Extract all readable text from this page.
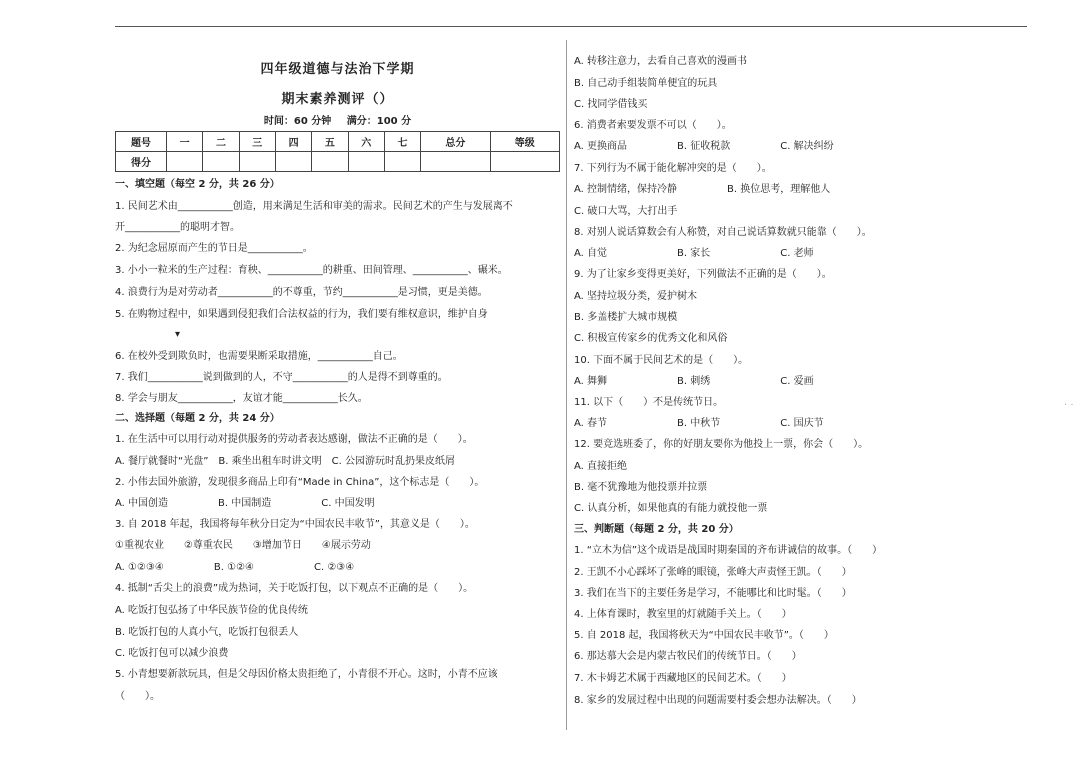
· ·
四年级道德与法治下学期
期末素养测评（）
时间：60 分钟 满分：100 分
题号	一	二	三	四	五	六	七	总分	等级
得分									
一、填空题（每空 2 分，共 26 分）
1. 民间艺术由___________创造，用来满足生活和审美的需求。民间艺术的产生与发展离不
开___________的聪明才智。
2. 为纪念屈原而产生的节日是___________。
3. 小小一粒米的生产过程：育秧、___________的耕重、田间管理、___________、碾米。
4. 浪费行为是对劳动者___________的不尊重，节约___________是习惯，更是美德。
5. 在购物过程中，如果遇到侵犯我们合法权益的行为，我们要有维权意识，维护自身
▾
6. 在校外受到欺负时，也需要果断采取措施，___________自己。
7. 我们___________说到做到的人，不守___________的人是得不到尊重的。
8. 学会与朋友___________，友谊才能___________长久。
二、选择题（每题 2 分，共 24 分）
1. 在生活中可以用行动对提供服务的劳动者表达感谢，做法不正确的是（　　）。
A. 餐厅就餐时“光盘”　B. 乘坐出租车时讲文明　C. 公园游玩时乱扔果皮纸屑
2. 小伟去国外旅游，发现很多商品上印有“Made in China”，这个标志是（　　）。
A. 中国创造　　　　　B. 中国制造　　　　　C. 中国发明
3. 自 2018 年起，我国将每年秋分日定为“中国农民丰收节”，其意义是（　　）。
①重视农业　　②尊重农民　　③增加节日　　④展示劳动
A. ①②③④　　　　　B. ①②④　　　　　　C. ②③④
4. 抵制“舌尖上的浪费”成为热词，关于吃饭打包，以下观点不正确的是（　　）。
A. 吃饭打包弘扬了中华民族节俭的优良传统
B. 吃饭打包的人真小气，吃饭打包很丢人
C. 吃饭打包可以减少浪费
5. 小青想要新款玩具，但是父母因价格太贵拒绝了，小青很不开心。这时，小青不应该
（　　）。
A. 转移注意力，去看自己喜欢的漫画书
B. 自己动手组装简单便宜的玩具
C. 找同学借钱买
6. 消费者索要发票不可以（　　）。
A. 更换商品　　　　　B. 征收税款　　　　　C. 解决纠纷
7. 下列行为不属于能化解冲突的是（　　）。
A. 控制情绪，保持冷静　　　　　B. 换位思考，理解他人
C. 破口大骂，大打出手
8. 对别人说话算数会有人称赞，对自己说话算数就只能靠（　　）。
A. 自觉　　　　　　　B. 家长　　　　　　　C. 老师
9. 为了让家乡变得更美好，下列做法不正确的是（　　）。
A. 坚持垃圾分类，爱护树木
B. 多盖楼扩大城市规模
C. 积极宣传家乡的优秀文化和风俗
10. 下面不属于民间艺术的是（　　）。
A. 舞狮　　　　　　　B. 刺绣　　　　　　　C. 爱画
11. 以下（　　）不是传统节日。
A. 春节　　　　　　　B. 中秋节　　　　　　C. 国庆节
12. 要竞选班委了，你的好朋友要你为他投上一票，你会（　　）。
A. 直接拒绝
B. 毫不犹豫地为他投票并拉票
C. 认真分析，如果他真的有能力就投他一票
三、判断题（每题 2 分，共 20 分）
1. “立木为信”这个成语是战国时期秦国的齐布讲诚信的故事。（　　）
2. 王凯不小心踩坏了张峰的眼镜，张峰大声责怪王凯。（　　）
3. 我们在当下的主要任务是学习，不能哪比和比时髦。（　　）
4. 上体育课时，教室里的灯就随手关上。（　　）
5. 自 2018 起，我国将秋天为“中国农民丰收节”。（　　）
6. 那达慕大会是内蒙古牧民们的传统节日。（　　）
7. 木卡姆艺术属于西藏地区的民间艺术。（　　）
8. 家乡的发展过程中出现的问题需要村委会想办法解决。（　　）
